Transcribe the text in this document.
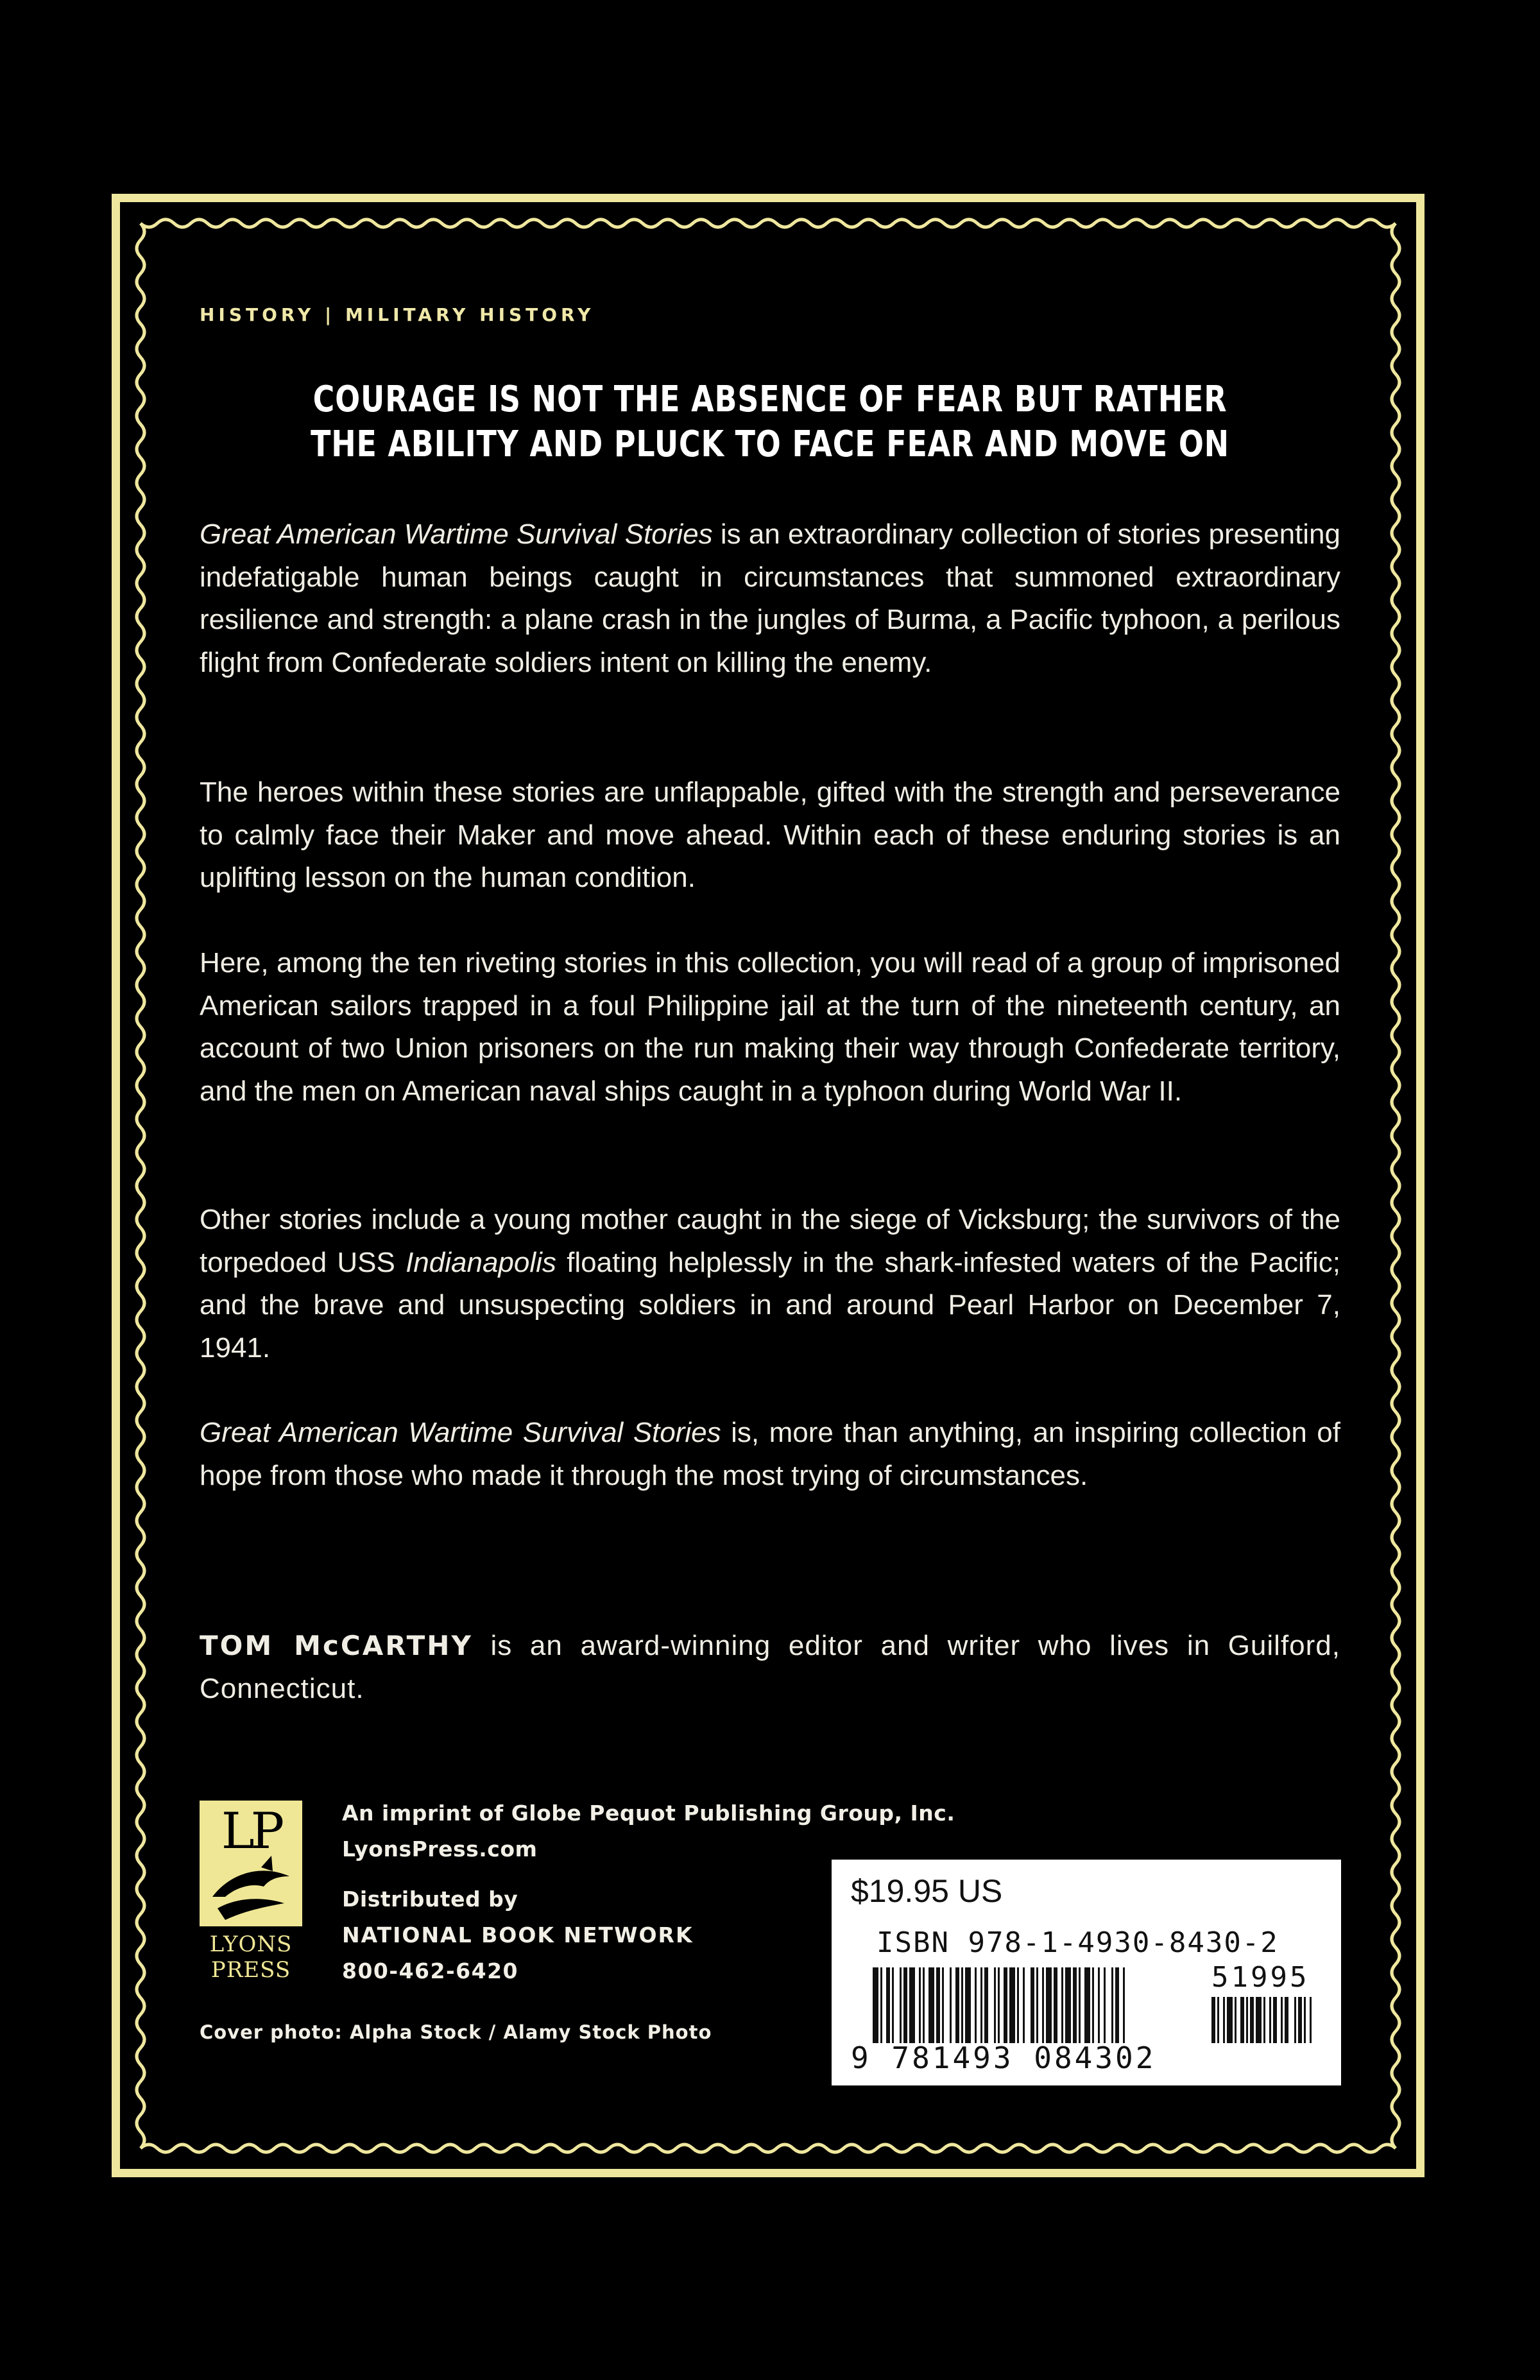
HISTORY | MILITARY HISTORY
COURAGE IS NOT THE ABSENCE OF FEAR BUT RATHER
THE ABILITY AND PLUCK TO FACE FEAR AND MOVE ON

Great American Wartime Survival Stories is an extraordinary collection of stories presenting indefatigable human beings caught in circumstances that summoned extraordinary resilience and strength: a plane crash in the jungles of Burma, a Pacific typhoon, a perilous flight from Confederate soldiers intent on killing the enemy.

The heroes within these stories are unflappable, gifted with the strength and perseverance to calmly face their Maker and move ahead. Within each of these enduring stories is an uplifting lesson on the human condition.

Here, among the ten riveting stories in this collection, you will read of a group of imprisoned American sailors trapped in a foul Philippine jail at the turn of the nineteenth century, an account of two Union prisoners on the run making their way through Confederate territory, and the men on American naval ships caught in a typhoon during World War II.

Other stories include a young mother caught in the siege of Vicksburg; the survivors of the torpedoed USS Indianapolis floating helplessly in the shark-infested waters of the Pacific; and the brave and unsuspecting soldiers in and around Pearl Harbor on December 7, 1941.

Great American Wartime Survival Stories is, more than anything, an inspiring collection of hope from those who made it through the most trying of circumstances.

TOM McCARTHY is an award-winning editor and writer who lives in Guilford, Connecticut.

LP
LYONS
PRESS
An imprint of Globe Pequot Publishing Group, Inc.
LyonsPress.com
Distributed by
NATIONAL BOOK NETWORK
800-462-6420
Cover photo: Alpha Stock / Alamy Stock Photo
$19.95 US
ISBN 978-1-4930-8430-2
51995
9 781493 084302
